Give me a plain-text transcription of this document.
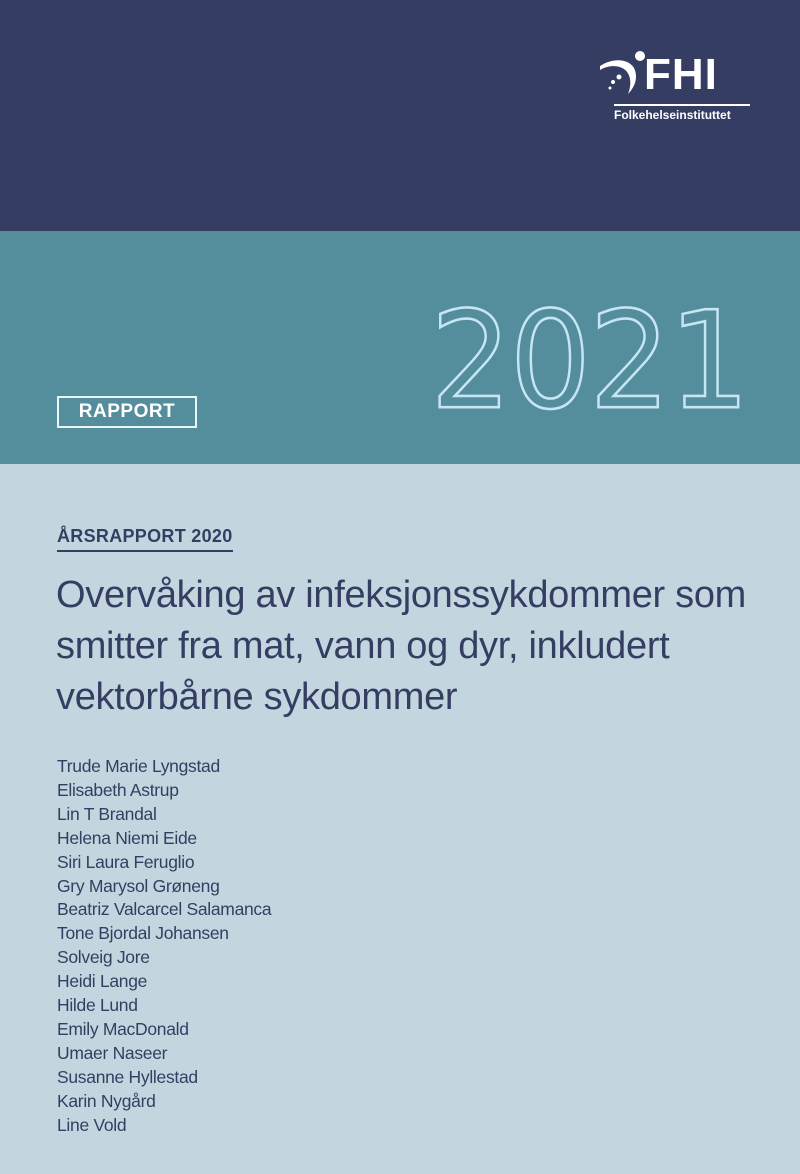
FHI
Folkehelseinstituttet
2021
RAPPORT
ÅRSRAPPORT 2020
Overvåking av infeksjonssykdommer som smitter fra mat, vann og dyr, inkludert vektorbårne sykdommer
Trude Marie Lyngstad
Elisabeth Astrup
Lin T Brandal
Helena Niemi Eide
Siri Laura Feruglio
Gry Marysol Grøneng
Beatriz Valcarcel Salamanca
Tone Bjordal Johansen
Solveig Jore
Heidi Lange
Hilde Lund
Emily MacDonald
Umaer Naseer
Susanne Hyllestad
Karin Nygård
Line Vold
